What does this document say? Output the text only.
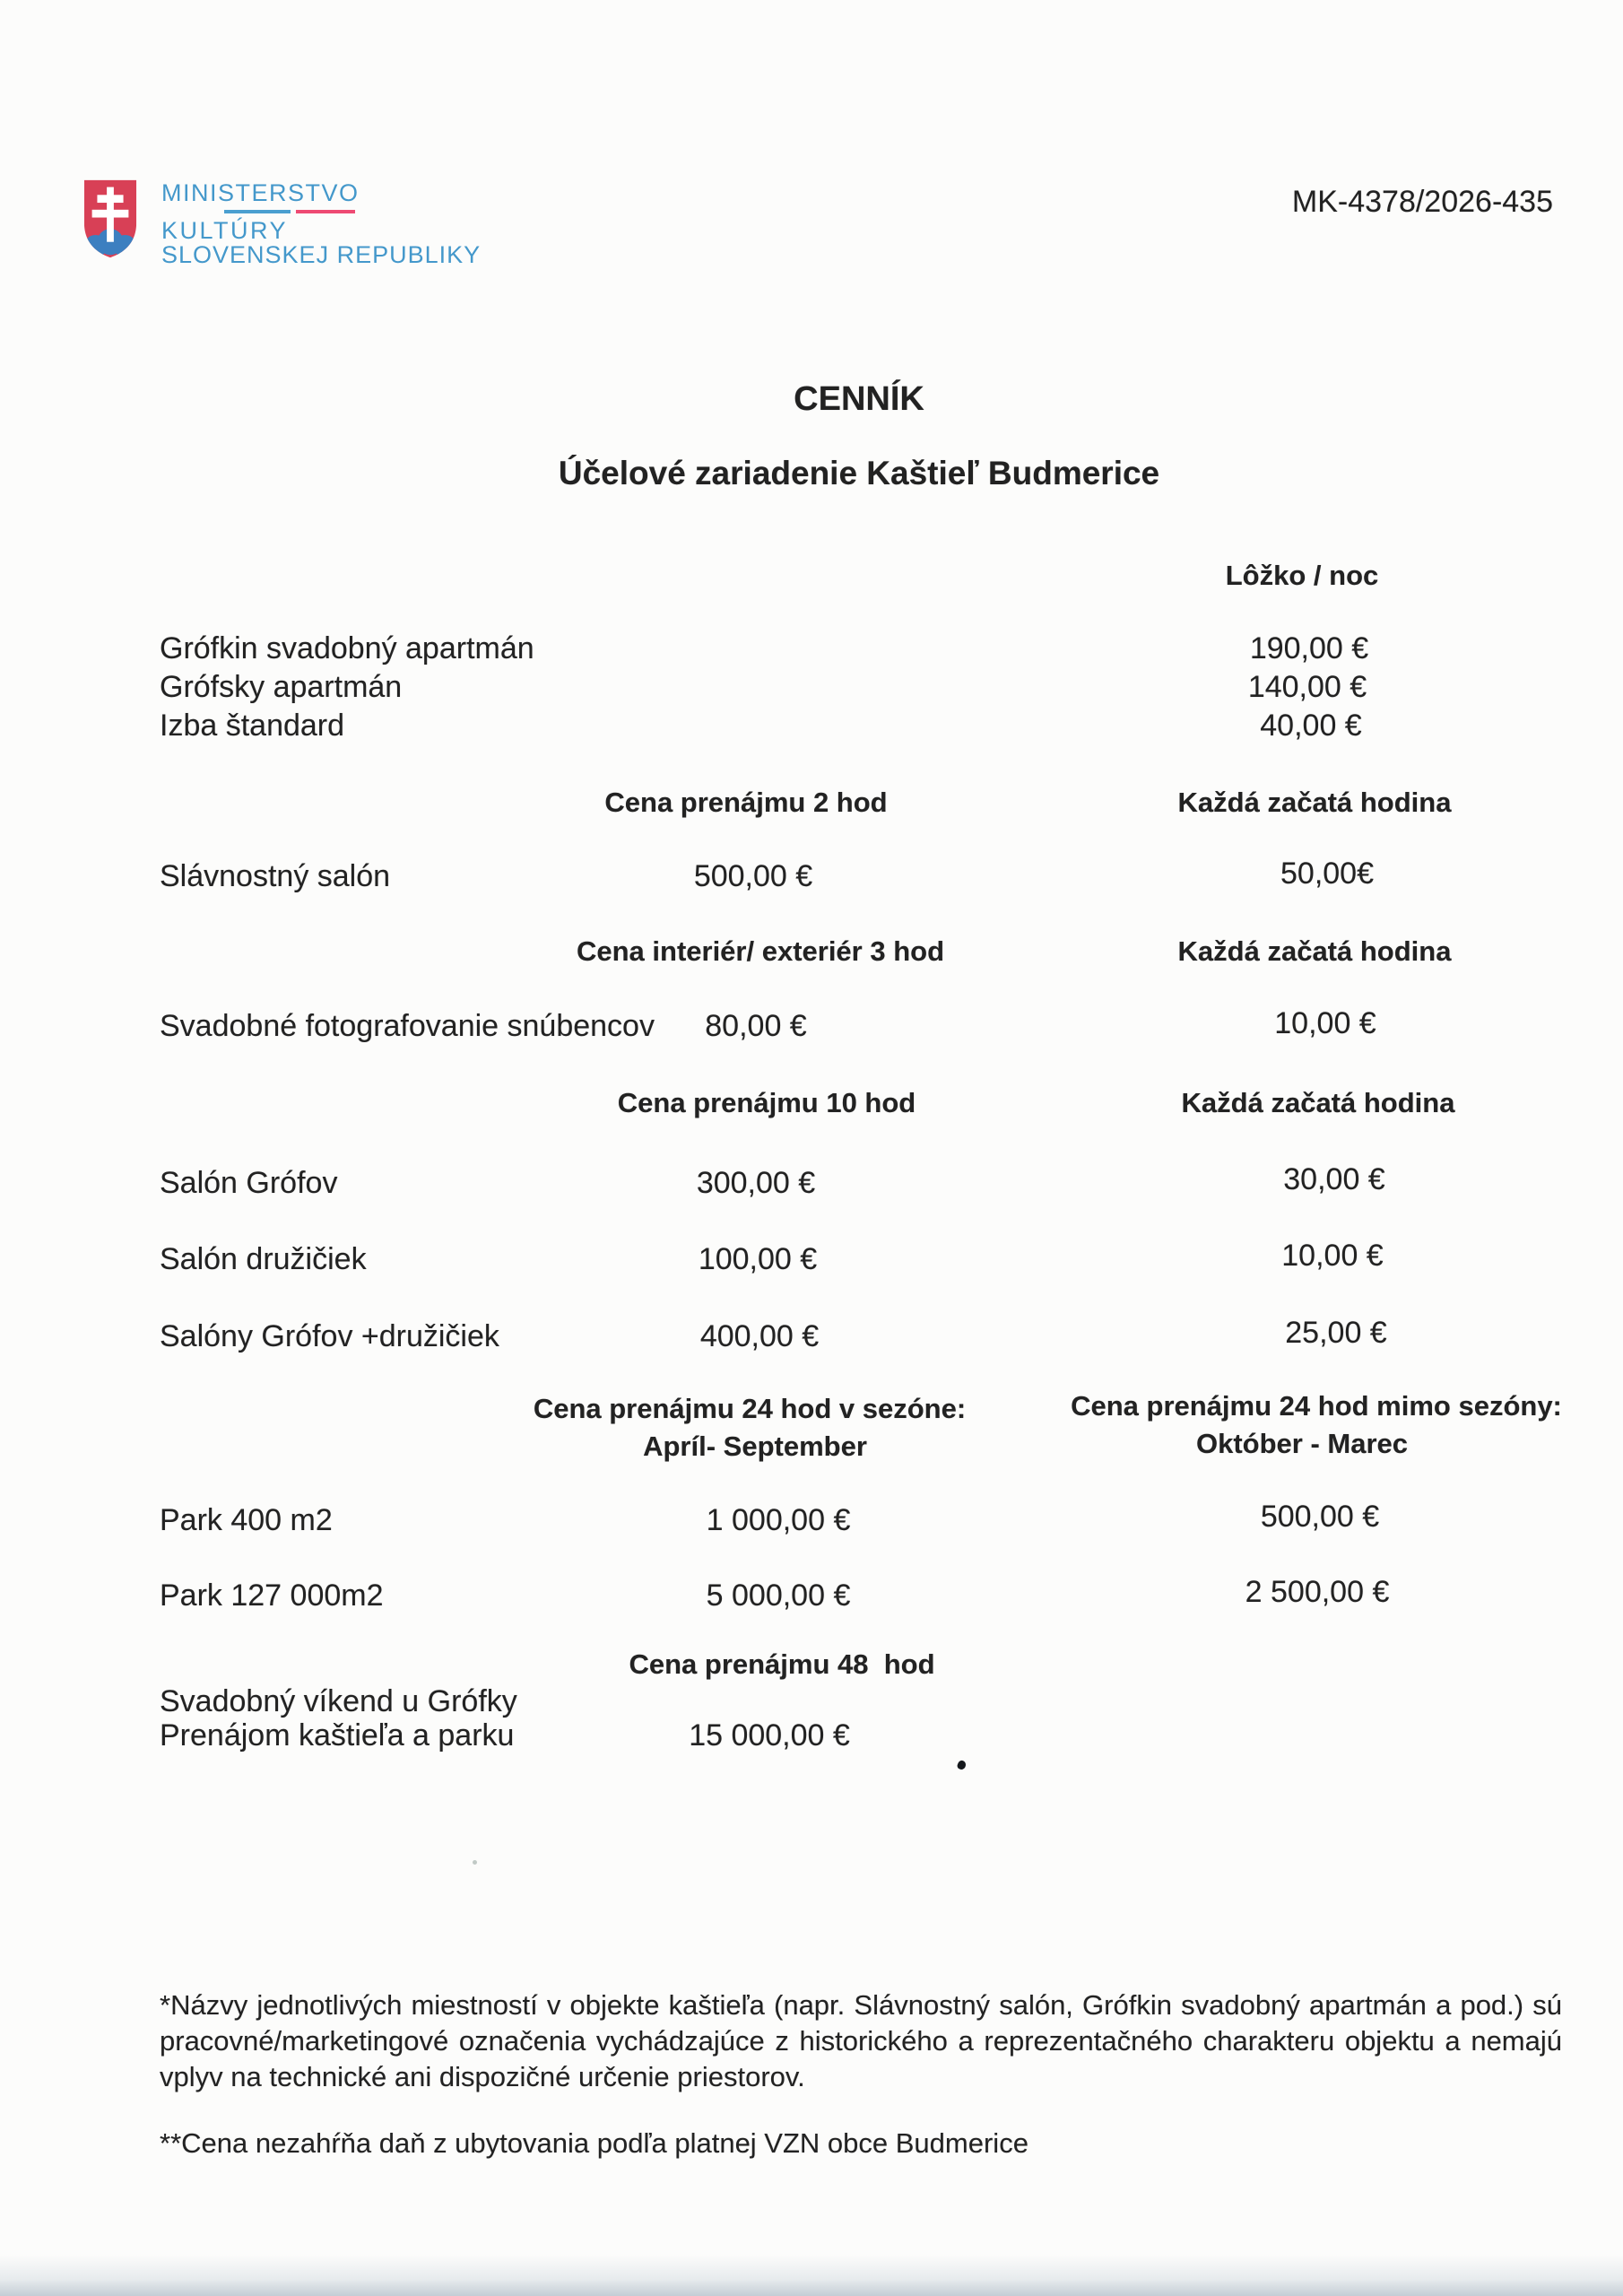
MINISTERSTVO
KULTÚRY
SLOVENSKEJ REPUBLIKY
MK-4378/2026-435
CENNÍK
Účelové zariadenie Kaštieľ Budmerice
Lôžko / noc
Grófkin svadobný apartmán	190,00 €
Grófsky apartmán	140,00 €
Izba štandard	40,00 €
Cena prenájmu 2 hod	Každá začatá hodina
Slávnostný salón	500,00 €	50,00€
Cena interiér/ exteriér 3 hod	Každá začatá hodina
Svadobné fotografovanie snúbencov 80,00 €	10,00 €
Cena prenájmu 10 hod	Každá začatá hodina
Salón Grófov	300,00 €	30,00 €
Salón družičiek	100,00 €	10,00 €
Salóny Grófov +družičiek	400,00 €	25,00 €
Cena prenájmu 24 hod v sezóne:
Apríl- September
Cena prenájmu 24 hod mimo sezóny:
Október - Marec
Park 400 m2	1 000,00 €	500,00 €
Park 127 000m2	5 000,00 €	2 500,00 €
Cena prenájmu 48  hod
Svadobný víkend u Grófky
Prenájom kaštieľa a parku	15 000,00 €
*Názvy jednotlivých miestností v objekte kaštieľa (napr. Slávnostný salón, Grófkin svadobný apartmán a pod.) sú pracovné/marketingové označenia vychádzajúce z historického a reprezentačného charakteru objektu a nemajú vplyv na technické ani dispozičné určenie priestorov.
**Cena nezahŕňa daň z ubytovania podľa platnej VZN obce Budmerice
